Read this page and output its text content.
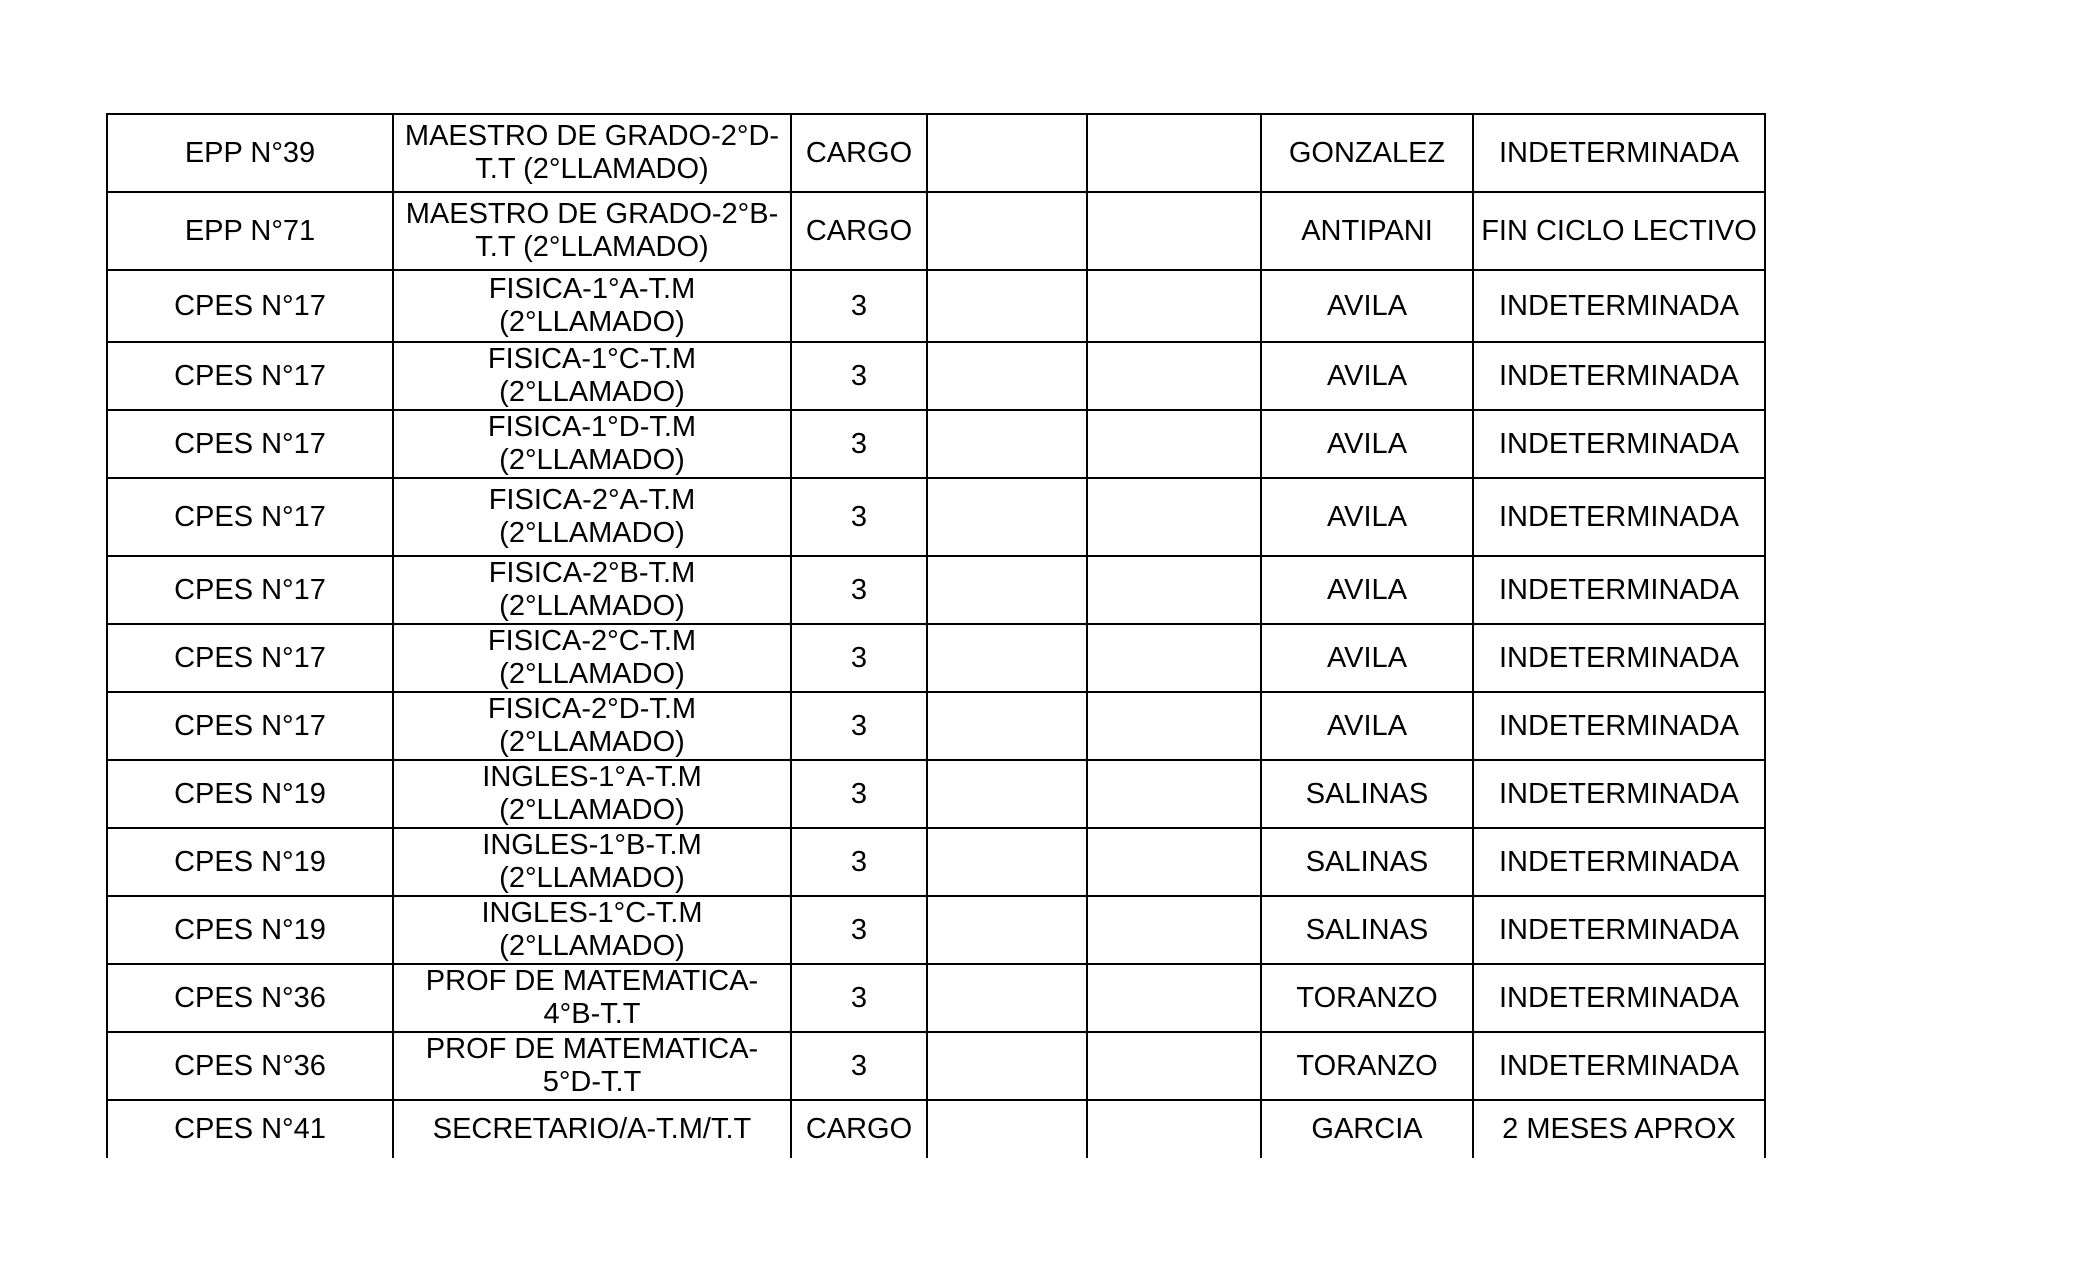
EPP N°39	MAESTRO DE GRADO-2°D-T.T (2°LLAMADO)	CARGO			GONZALEZ	INDETERMINADA
EPP N°71	MAESTRO DE GRADO-2°B-T.T (2°LLAMADO)	CARGO			ANTIPANI	FIN CICLO LECTIVO
CPES N°17	FISICA-1°A-T.M (2°LLAMADO)	3			AVILA	INDETERMINADA
CPES N°17	FISICA-1°C-T.M (2°LLAMADO)	3			AVILA	INDETERMINADA
CPES N°17	FISICA-1°D-T.M (2°LLAMADO)	3			AVILA	INDETERMINADA
CPES N°17	FISICA-2°A-T.M (2°LLAMADO)	3			AVILA	INDETERMINADA
CPES N°17	FISICA-2°B-T.M (2°LLAMADO)	3			AVILA	INDETERMINADA
CPES N°17	FISICA-2°C-T.M (2°LLAMADO)	3			AVILA	INDETERMINADA
CPES N°17	FISICA-2°D-T.M (2°LLAMADO)	3			AVILA	INDETERMINADA
CPES N°19	INGLES-1°A-T.M (2°LLAMADO)	3			SALINAS	INDETERMINADA
CPES N°19	INGLES-1°B-T.M (2°LLAMADO)	3			SALINAS	INDETERMINADA
CPES N°19	INGLES-1°C-T.M (2°LLAMADO)	3			SALINAS	INDETERMINADA
CPES N°36	PROF DE MATEMATICA-4°B-T.T	3			TORANZO	INDETERMINADA
CPES N°36	PROF DE MATEMATICA-5°D-T.T	3			TORANZO	INDETERMINADA
CPES N°41	SECRETARIO/A-T.M/T.T	CARGO			GARCIA	2 MESES APROX
